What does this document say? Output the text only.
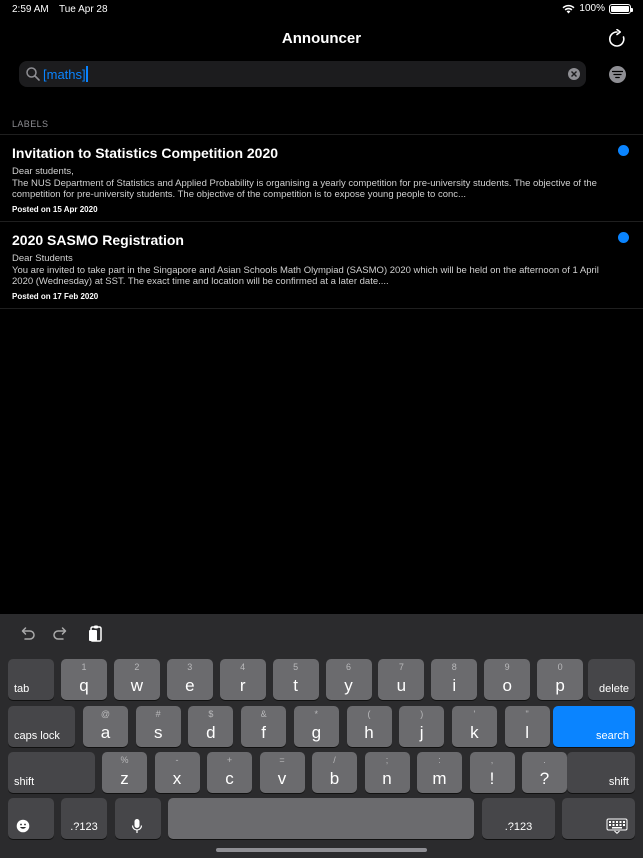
2:59 AM Tue Apr 28	100%
Announcer
[maths]
LABELS
Invitation to Statistics Competition 2020
Dear students,
The NUS Department of Statistics and Applied Probability is organising a yearly competition for pre-university students. The objective of the competition for pre-university students. The objective of the competition is to expose young people to conc...
Posted on 15 Apr 2020
2020 SASMO Registration
Dear Students
You are invited to take part in the Singapore and Asian Schools Math Olympiad (SASMO) 2020 which will be held on the afternoon of 1 April 2020 (Wednesday) at SST. The exact time and location will be confirmed at a later date....
Posted on 17 Feb 2020
tab
1
q
2
w
3
e
4
r
5
t
6
y
7
u
8
i
9
o
0
p	delete
caps lock
@
a
#
s
$
d
&
f
*
g
(
h
)
j
'
k
"
l	search
shift
%
z
-
x
+
c
=
v
/
b
;
n
:
m
,
!
.
?	shift
.?123	.?123
